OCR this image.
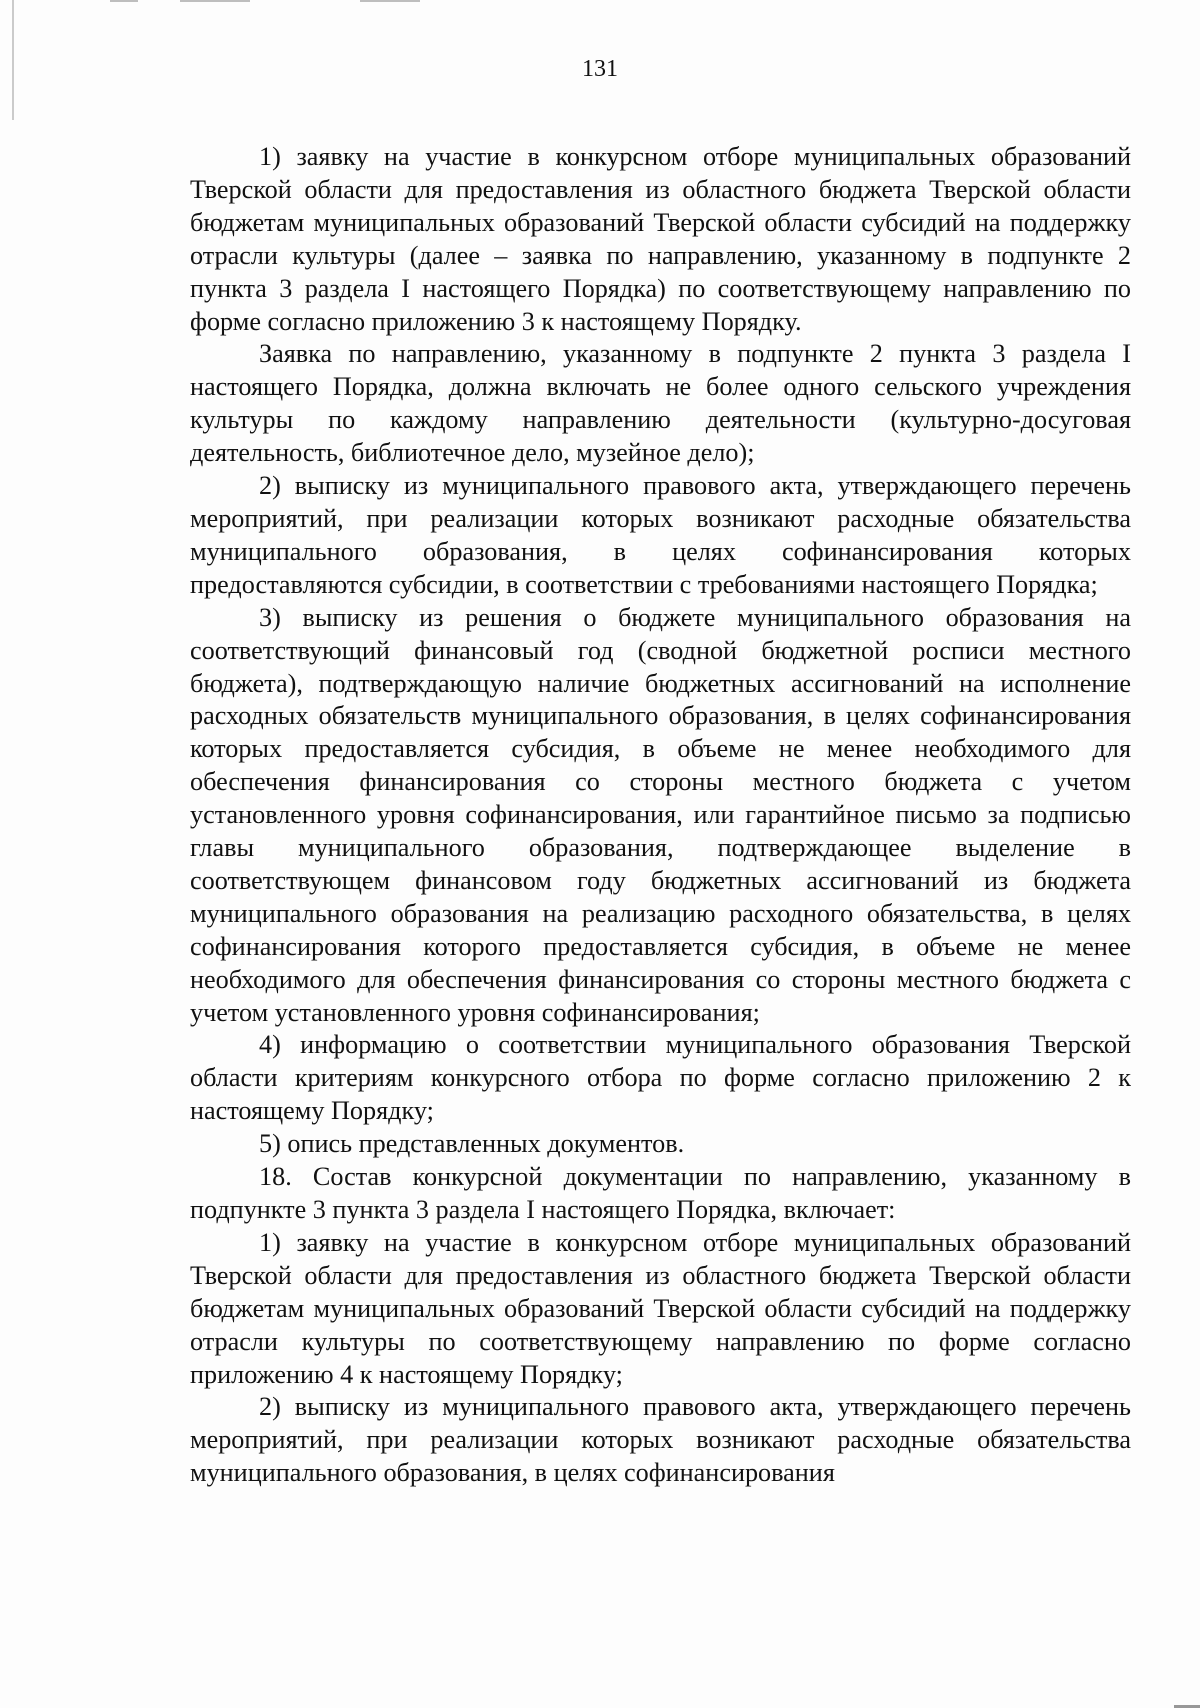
131

1) заявку на участие в конкурсном отборе муниципальных образований Тверской области для предоставления из областного бюджета Тверской области бюджетам муниципальных образований Тверской области субсидий на поддержку отрасли культуры (далее – заявка по направлению, указанному в подпункте 2 пункта 3 раздела I настоящего Порядка) по соответствующему направлению по форме согласно приложению 3 к настоящему Порядку.

Заявка по направлению, указанному в подпункте 2 пункта 3 раздела I настоящего Порядка, должна включать не более одного сельского учреждения культуры по каждому направлению деятельности (культурно-досуговая деятельность, библиотечное дело, музейное дело);

2) выписку из муниципального правового акта, утверждающего перечень мероприятий, при реализации которых возникают расходные обязательства муниципального образования, в целях софинансирования которых предоставляются субсидии, в соответствии с требованиями настоящего Порядка;

3) выписку из решения о бюджете муниципального образования на соответствующий финансовый год (сводной бюджетной росписи местного бюджета), подтверждающую наличие бюджетных ассигнований на исполнение расходных обязательств муниципального образования, в целях софинансирования которых предоставляется субсидия, в объеме не менее необходимого для обеспечения финансирования со стороны местного бюджета с учетом установленного уровня софинансирования, или гарантийное письмо за подписью главы муниципального образования, подтверждающее выделение в соответствующем финансовом году бюджетных ассигнований из бюджета муниципального образования на реализацию расходного обязательства, в целях софинансирования которого предоставляется субсидия, в объеме не менее необходимого для обеспечения финансирования со стороны местного бюджета с учетом установленного уровня софинансирования;

4) информацию о соответствии муниципального образования Тверской области критериям конкурсного отбора по форме согласно приложению 2 к настоящему Порядку;

5) опись представленных документов.

18. Состав конкурсной документации по направлению, указанному в подпункте 3 пункта 3 раздела I настоящего Порядка, включает:

1) заявку на участие в конкурсном отборе муниципальных образований Тверской области для предоставления из областного бюджета Тверской области бюджетам муниципальных образований Тверской области субсидий на поддержку отрасли культуры по соответствующему направлению по форме согласно приложению 4 к настоящему Порядку;

2) выписку из муниципального правового акта, утверждающего перечень мероприятий, при реализации которых возникают расходные обязательства муниципального образования, в целях софинансирования
